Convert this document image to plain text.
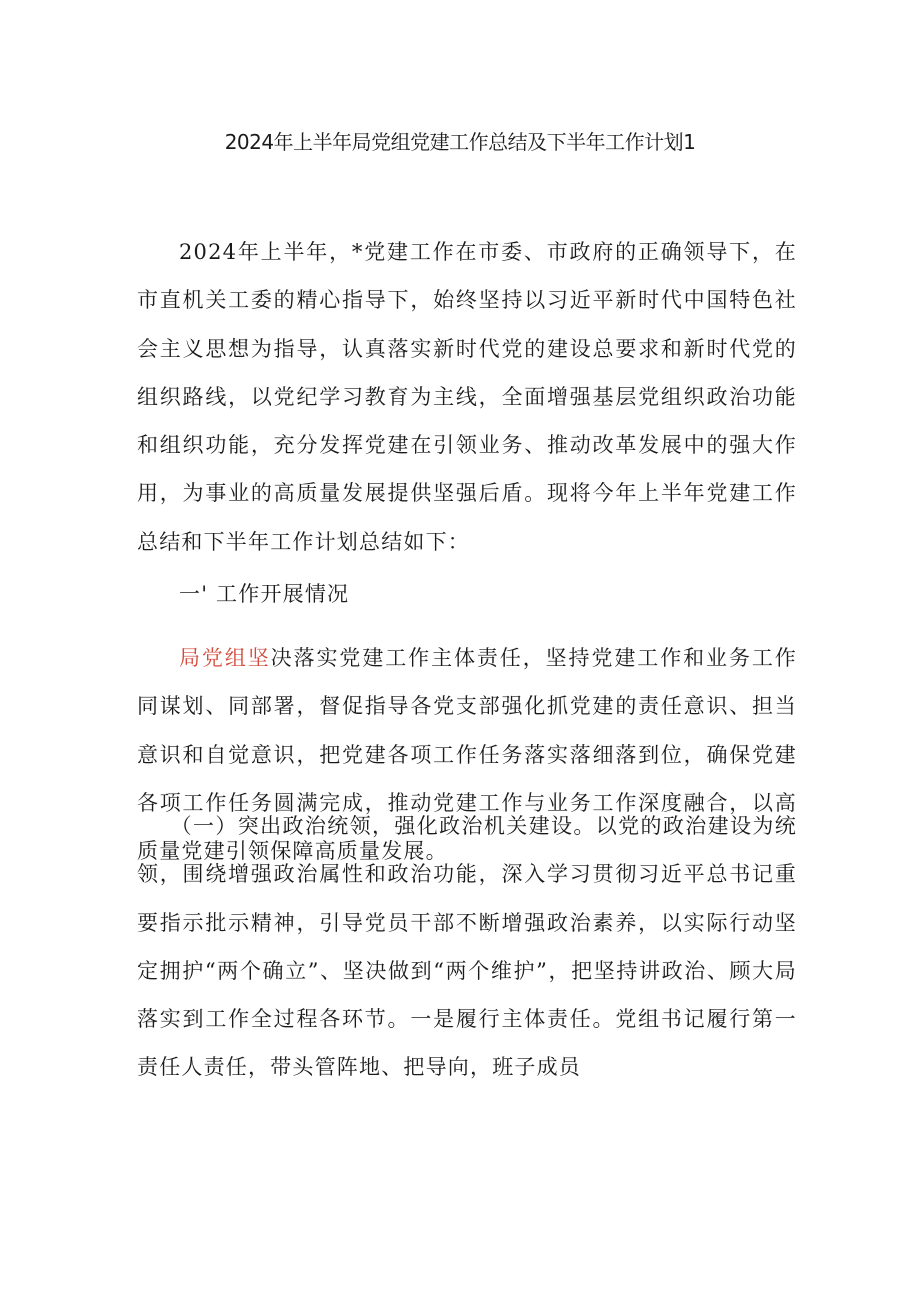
2024年上半年局党组党建工作总结及下半年工作计划1

2024年上半年，*党建工作在市委、市政府的正确领导下，在市直机关工委的精心指导下，始终坚持以习近平新时代中国特色社会主义思想为指导，认真落实新时代党的建设总要求和新时代党的组织路线，以党纪学习教育为主线，全面增强基层党组织政治功能和组织功能，充分发挥党建在引领业务、推动改革发展中的强大作用，为事业的高质量发展提供坚强后盾。现将今年上半年党建工作总结和下半年工作计划总结如下：

一' 工作开展情况

局党组坚决落实党建工作主体责任，坚持党建工作和业务工作同谋划、同部署，督促指导各党支部强化抓党建的责任意识、担当意识和自觉意识，把党建各项工作任务落实落细落到位，确保党建各项工作任务圆满完成，推动党建工作与业务工作深度融合，以高质量党建引领保障高质量发展。

（一）突出政治统领，强化政治机关建设。以党的政治建设为统领，围绕增强政治属性和政治功能，深入学习贯彻习近平总书记重要指示批示精神，引导党员干部不断增强政治素养，以实际行动坚定拥护“两个确立”、坚决做到“两个维护”，把坚持讲政治、顾大局落实到工作全过程各环节。一是履行主体责任。党组书记履行第一责任人责任，带头管阵地、把导向，班子成员
